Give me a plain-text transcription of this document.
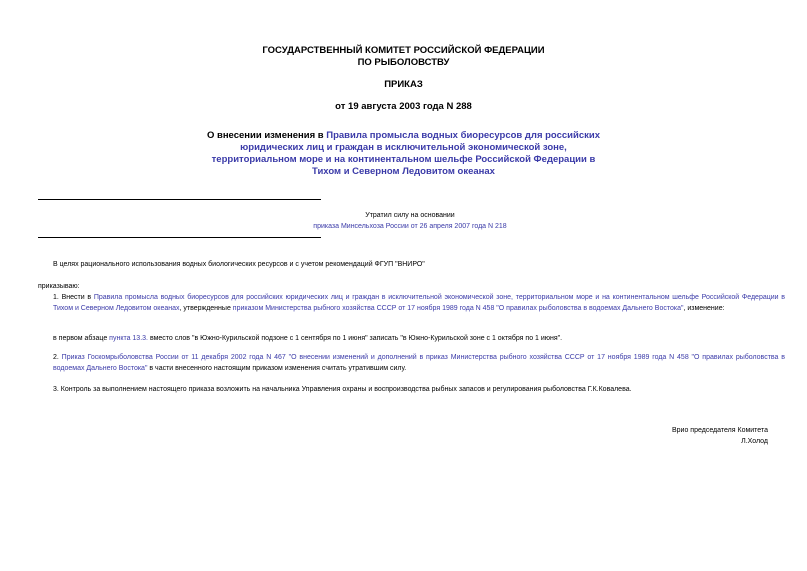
ГОСУДАРСТВЕННЫЙ КОМИТЕТ РОССИЙСКОЙ ФЕДЕРАЦИИ
ПО РЫБОЛОВСТВУ
ПРИКАЗ
от 19 августа 2003 года N 288
О внесении изменения в Правила промысла водных биоресурсов для российских юридических лиц и граждан в исключительной экономической зоне, территориальном море и на континентальном шельфе Российской Федерации в Тихом и Северном Ледовитом океанах
Утратил силу на основании
приказа Минсельхоза России от 26 апреля 2007 года N 218
В целях рационального использования водных биологических ресурсов и с учетом рекомендаций ФГУП "ВНИРО"
приказываю:
1. Внести в Правила промысла водных биоресурсов для российских юридических лиц и граждан в исключительной экономической зоне, территориальном море и на континентальном шельфе Российской Федерации в Тихом и Северном Ледовитом океанах, утвержденные приказом Министерства рыбного хозяйства СССР от 17 ноября 1989 года N 458 "О правилах рыболовства в водоемах Дальнего Востока", изменение:
в первом абзаце пункта 13.3. вместо слов "в Южно-Курильской подзоне с 1 сентября по 1 июня" записать "в Южно-Курильской зоне с 1 октября по 1 июня".
2. Приказ Госкомрыболовства России от 11 декабря 2002 года N 467 "О внесении изменений и дополнений в приказ Министерства рыбного хозяйства СССР от 17 ноября 1989 года N 458 "О правилах рыболовства в водоемах Дальнего Востока" в части внесенного настоящим приказом изменения считать утратившим силу.
3. Контроль за выполнением настоящего приказа возложить на начальника Управления охраны и воспроизводства рыбных запасов и регулирования рыболовства Г.К.Ковалева.
Врио председателя Комитета
Л.Холод
